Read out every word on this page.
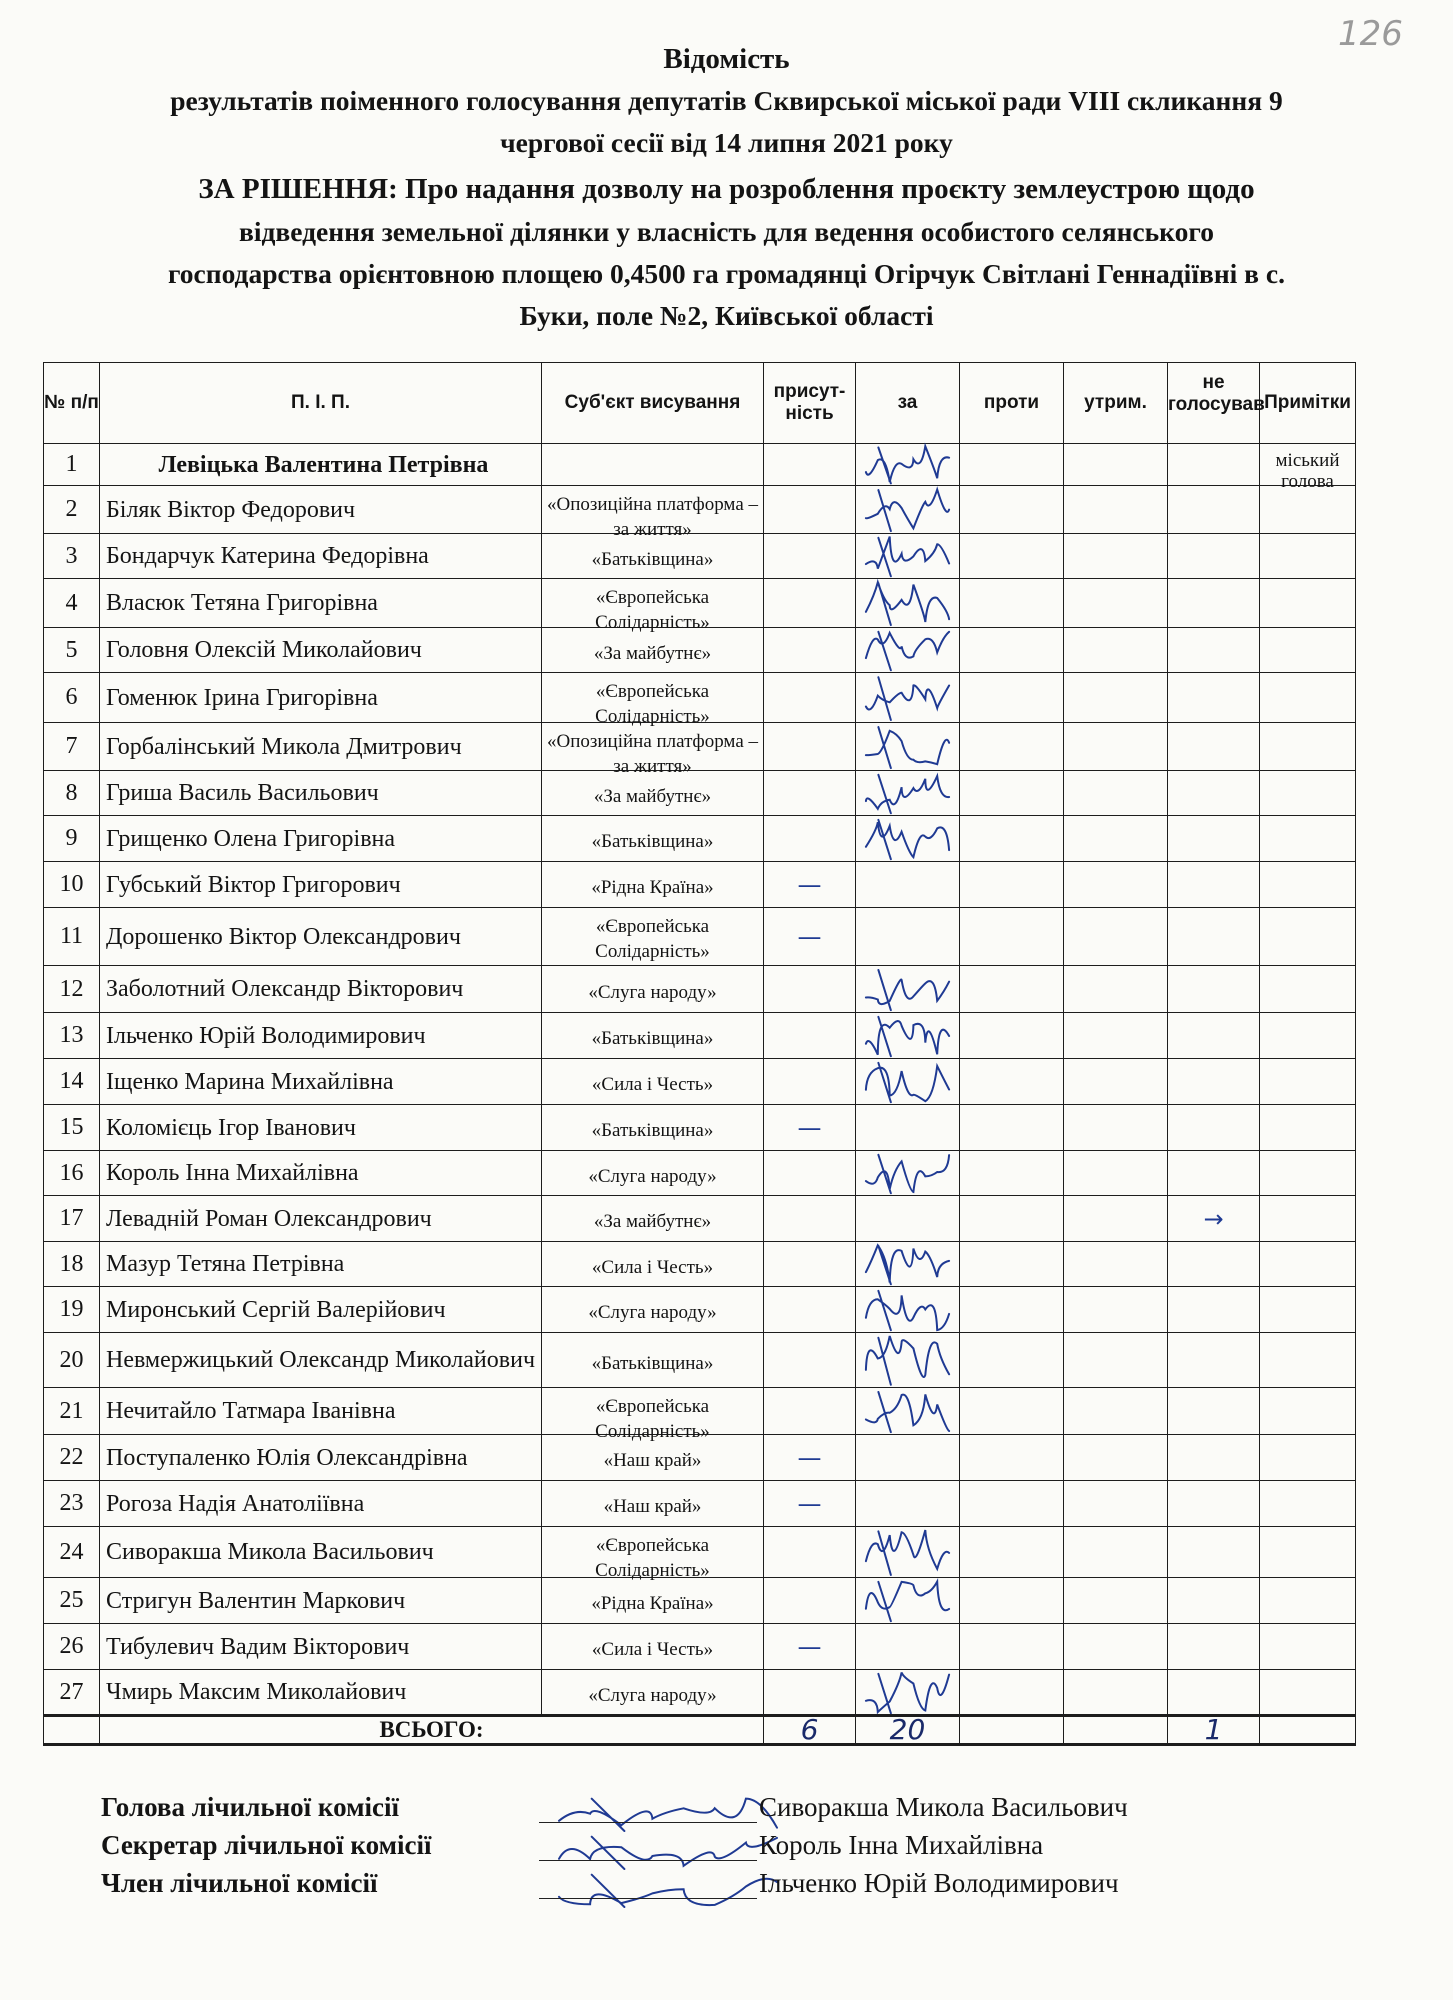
126
Відомість
результатів поіменного голосування депутатів Сквирської міської ради VIII скликання 9
чергової сесії від 14 липня 2021 року
ЗА РІШЕННЯ: Про надання дозволу на розроблення проєкту землеустрою щодо
відведення земельної ділянки у власність для ведення особистого селянського
господарства орієнтовною площею 0,4500 га громадянці Огірчук Світлані Геннадіївні в с.
Буки, поле №2, Київської області
№ п/п	П. І. П.	Суб'єкт висування	присут-ність	за	проти	утрим.	не голосував	Примітки
1	Левіцька Валентина Петрівна							міський голова

2	Біляк Віктор Федорович	«Опозиційна платформа – за життя»						

3	Бондарчук Катерина Федорівна	«Батьківщина»						

4	Власюк Тетяна Григорівна	«Європейська Солідарність»						

5	Головня Олексій Миколайович	«За майбутнє»						

6	Гоменюк Ірина Григорівна	«Європейська Солідарність»						

7	Горбалінський Микола Дмитрович	«Опозиційна платформа – за життя»						

8	Гриша Василь Васильович	«За майбутнє»						

9	Грищенко Олена Григорівна	«Батьківщина»						

10	Губський Віктор Григорович	«Рідна Країна»	—					

11	Дорошенко Віктор Олександрович	«Європейська Солідарність»	—					

12	Заболотний Олександр Вікторович	«Слуга народу»						

13	Ільченко Юрій Володимирович	«Батьківщина»						

14	Іщенко Марина Михайлівна	«Сила і Честь»						

15	Коломієць Ігор Іванович	«Батьківщина»	—					

16	Король Інна Михайлівна	«Слуга народу»						

17	Левадній Роман Олександрович	«За майбутнє»					→	

18	Мазур Тетяна Петрівна	«Сила і Честь»						

19	Миронський Сергій Валерійович	«Слуга народу»						

20	Невмержицький Олександр Миколайович	«Батьківщина»						

21	Нечитайло Татмара Іванівна	«Європейська Солідарність»						

22	Поступаленко Юлія Олександрівна	«Наш край»	—					

23	Рогоза Надія Анатоліївна	«Наш край»	—					

24	Сиворакша Микола Васильович	«Європейська Солідарність»						

25	Стригун Валентин Маркович	«Рідна Країна»						

26	Тибулевич Вадим Вікторович	«Сила і Честь»	—					

27	Чмирь Максим Миколайович	«Слуга народу»						

	ВСЬОГО:		6	20			1	
Голова лічильної комісії	Сиворакша Микола Васильович
Секретар лічильної комісії	Король Інна Михайлівна
Член лічильної комісії	Ільченко Юрій Володимирович
